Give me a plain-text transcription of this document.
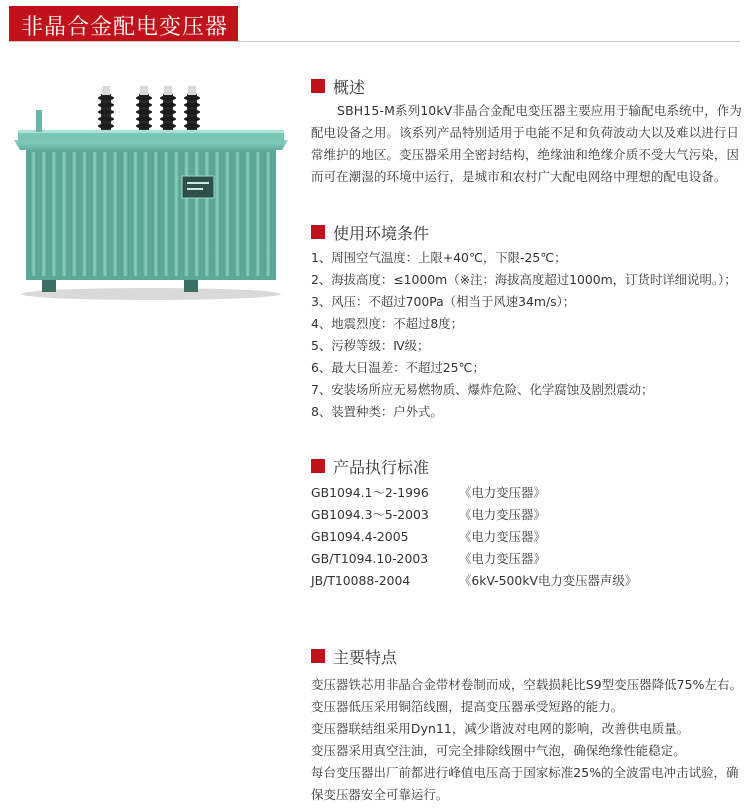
非晶合金配电变压器
概述

SBH15-M系列10kV非晶合金配电变压器主要应用于输配电系统中，作为配电设备之用。该系列产品特别适用于电能不足和负荷波动大以及难以进行日常维护的地区。变压器采用全密封结构，绝缘油和绝缘介质不受大气污染，因而可在潮湿的环境中运行，是城市和农村广大配电网络中理想的配电设备。

使用环境条件
1、周围空气温度：上限+40℃，下限-25℃；
2、海拔高度：≤1000m（※注：海拔高度超过1000m，订货时详细说明。）；
3、风压：不超过700Pa（相当于风速34m/s）；
4、地震烈度：不超过8度；
5、污秽等级：Ⅳ级；
6、最大日温差：不超过25℃；
7、安装场所应无易燃物质、爆炸危险、化学腐蚀及剧烈震动；
8、装置种类：户外式。
产品执行标准
GB1094.1～2-1996 《电力变压器》
GB1094.3～5-2003 《电力变压器》
GB1094.4-2005	《电力变压器》
GB/T1094.10-2003 《电力变压器》
JB/T10088-2004	《6kV-500kV电力变压器声级》
主要特点
变压器铁芯用非晶合金带材卷制而成，空载损耗比S9型变压器降低75%左右。
变压器低压采用铜箔线圈，提高变压器承受短路的能力。
变压器联结组采用Dyn11，减少谐波对电网的影响，改善供电质量。
变压器采用真空注油，可完全排除线圈中气泡，确保绝缘性能稳定。
每台变压器出厂前都进行峰值电压高于国家标准25%的全波雷电冲击试验，确保变压器安全可靠运行。
